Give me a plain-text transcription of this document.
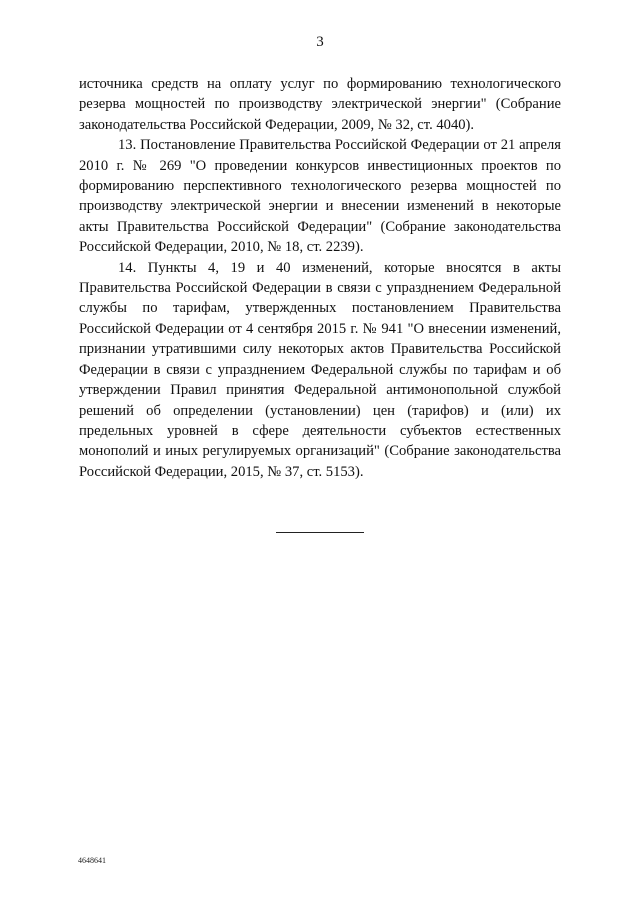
3

источника средств на оплату услуг по формированию технологического резерва мощностей по производству электрической энергии" (Собрание законодательства Российской Федерации, 2009, № 32, ст. 4040).

13. Постановление Правительства Российской Федерации от 21 апреля 2010 г. № 269 "О проведении конкурсов инвестиционных проектов по формированию перспективного технологического резерва мощностей по производству электрической энергии и внесении изменений в некоторые акты Правительства Российской Федерации" (Собрание законодательства Российской Федерации, 2010, № 18, ст. 2239).

14. Пункты 4, 19 и 40 изменений, которые вносятся в акты Правительства Российской Федерации в связи с упразднением Федеральной службы по тарифам, утвержденных постановлением Правительства Российской Федерации от 4 сентября 2015 г. № 941 "О внесении изменений, признании утратившими силу некоторых актов Правительства Российской Федерации в связи с упразднением Федеральной службы по тарифам и об утверждении Правил принятия Федеральной антимонопольной службой решений об определении (установлении) цен (тарифов) и (или) их предельных уровней в сфере деятельности субъектов естественных монополий и иных регулируемых организаций" (Собрание законодательства Российской Федерации, 2015, № 37, ст. 5153).

4648641
